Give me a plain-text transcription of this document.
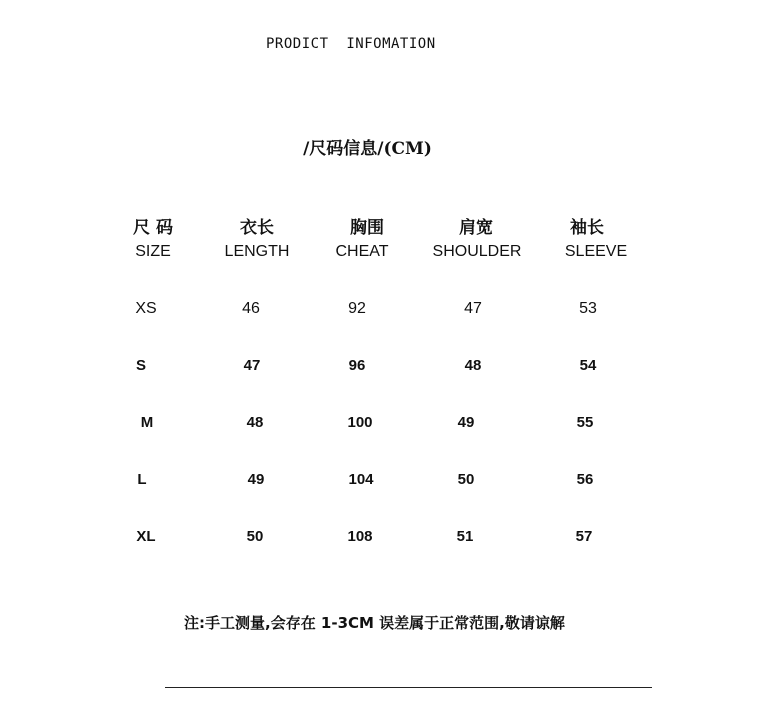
PRODICT  INFOMATION
/尺码信息/(CM)
尺 码	衣长	胸围	肩宽	袖长
SIZE	LENGTH	CHEAT	SHOULDER	SLEEVE
XS	46	92	47	53
S	47	96	48	54
M	48	100	49	55
L	49	104	50	56
XL	50	108	51	57
注:手工测量,会存在 1-3CM 误差属于正常范围,敬请谅解
